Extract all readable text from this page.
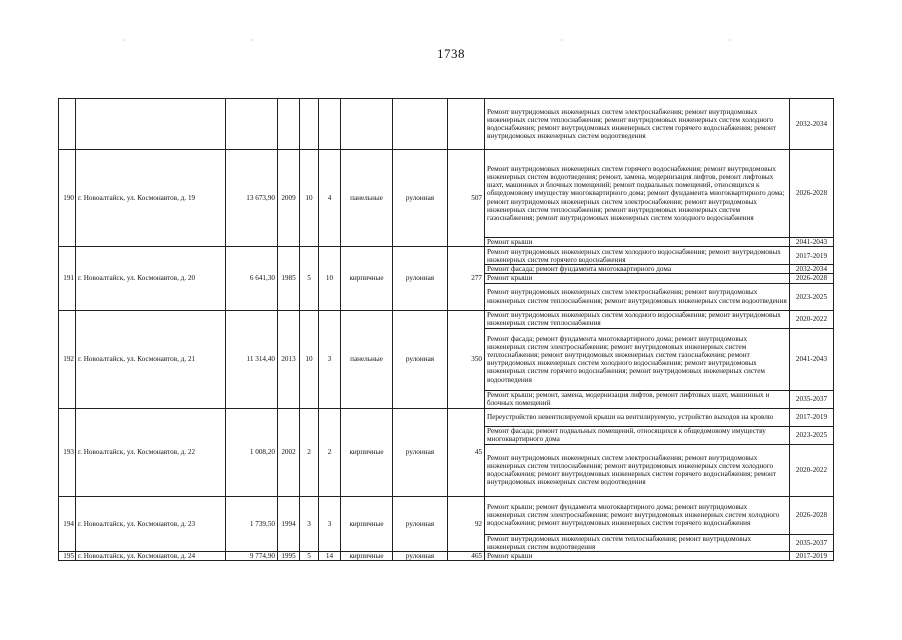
1738
·	·	·	·
									Ремонт внутридомовых инженерных систем электроснабжения; ремонт внутридомовых инженерных систем теплоснабжения; ремонт внутридомовых инженерных систем холодного водоснабжения; ремонт внутридомовых инженерных систем горячего водоснабжения; ремонт внутридомовых инженерных систем водоотведения	2032-2034
190	г. Новоалтайск, ул. Космонавтов, д. 19	13 673,90	2009	10	4	панельные	рулонная	507	Ремонт внутридомовых инженерных систем горячего водоснабжения; ремонт внутридомовых инженерных систем водоотведения; ремонт, замена, модернизация лифтов, ремонт лифтовых шахт, машинных и блочных помещений; ремонт подвальных помещений, относящихся к общедомовому имуществу многоквартирного дома; ремонт фундамента многоквартирного дома; ремонт внутридомовых инженерных систем электроснабжения; ремонт внутридомовых инженерных систем теплоснабжения; ремонт внутридомовых инженерных систем газоснабжения; ремонт внутридомовых инженерных систем холодного водоснабжения	2026-2028
									Ремонт крыши	2041-2043
191	г. Новоалтайск, ул. Космонавтов, д. 20	6 641,30	1985	5	10	кирпичные	рулонная	277	Ремонт внутридомовых инженерных систем холодного водоснабжения; ремонт внутридомовых инженерных систем горячего водоснабжения	2017-2019
									Ремонт фасада; ремонт фундамента многоквартирного дома	2032-2034
									Ремонт крыши	2026-2028
									Ремонт внутридомовых инженерных систем электроснабжения; ремонт внутридомовых инженерных систем теплоснабжения; ремонт внутридомовых инженерных систем водоотведения	2023-2025
192	г. Новоалтайск, ул. Космонавтов, д. 21	11 314,40	2013	10	3	панельные	рулонная	350	Ремонт внутридомовых инженерных систем холодного водоснабжения; ремонт внутридомовых инженерных систем теплоснабжения	2020-2022
									Ремонт фасада; ремонт фундамента многоквартирного дома; ремонт внутридомовых инженерных систем электроснабжения; ремонт внутридомовых инженерных систем теплоснабжения; ремонт внутридомовых инженерных систем газоснабжения; ремонт внутридомовых инженерных систем холодного водоснабжения; ремонт внутридомовых инженерных систем горячего водоснабжения; ремонт внутридомовых инженерных систем водоотведения	2041-2043
									Ремонт крыши; ремонт, замена, модернизация лифтов, ремонт лифтовых шахт, машинных и блочных помещений	2035-2037
193	г. Новоалтайск, ул. Космонавтов, д. 22	1 008,20	2002	2	2	кирпичные	рулонная	45	Переустройство невентилируемой крыши на вентилируемую, устройство выходов на кровлю	2017-2019
									Ремонт фасада; ремонт подвальных помещений, относящихся к общедомовому имуществу многоквартирного дома	2023-2025
									Ремонт внутридомовых инженерных систем электроснабжения; ремонт внутридомовых инженерных систем теплоснабжения; ремонт внутридомовых инженерных систем холодного водоснабжения; ремонт внутридомовых инженерных систем горячего водоснабжения; ремонт внутридомовых инженерных систем водоотведения	2020-2022
194	г. Новоалтайск, ул. Космонавтов, д. 23	1 739,50	1994	3	3	кирпичные	рулонная	92	Ремонт крыши; ремонт фундамента многоквартирного дома; ремонт внутридомовых инженерных систем электроснабжения; ремонт внутридомовых инженерных систем холодного водоснабжения; ремонт внутридомовых инженерных систем горячего водоснабжения	2026-2028
									Ремонт внутридомовых инженерных систем теплоснабжения; ремонт внутридомовых инженерных систем водоотведения	2035-2037
195	г. Новоалтайск, ул. Космонавтов, д. 24	9 774,90	1995	5	14	кирпичные	рулонная	465	Ремонт крыши	2017-2019
